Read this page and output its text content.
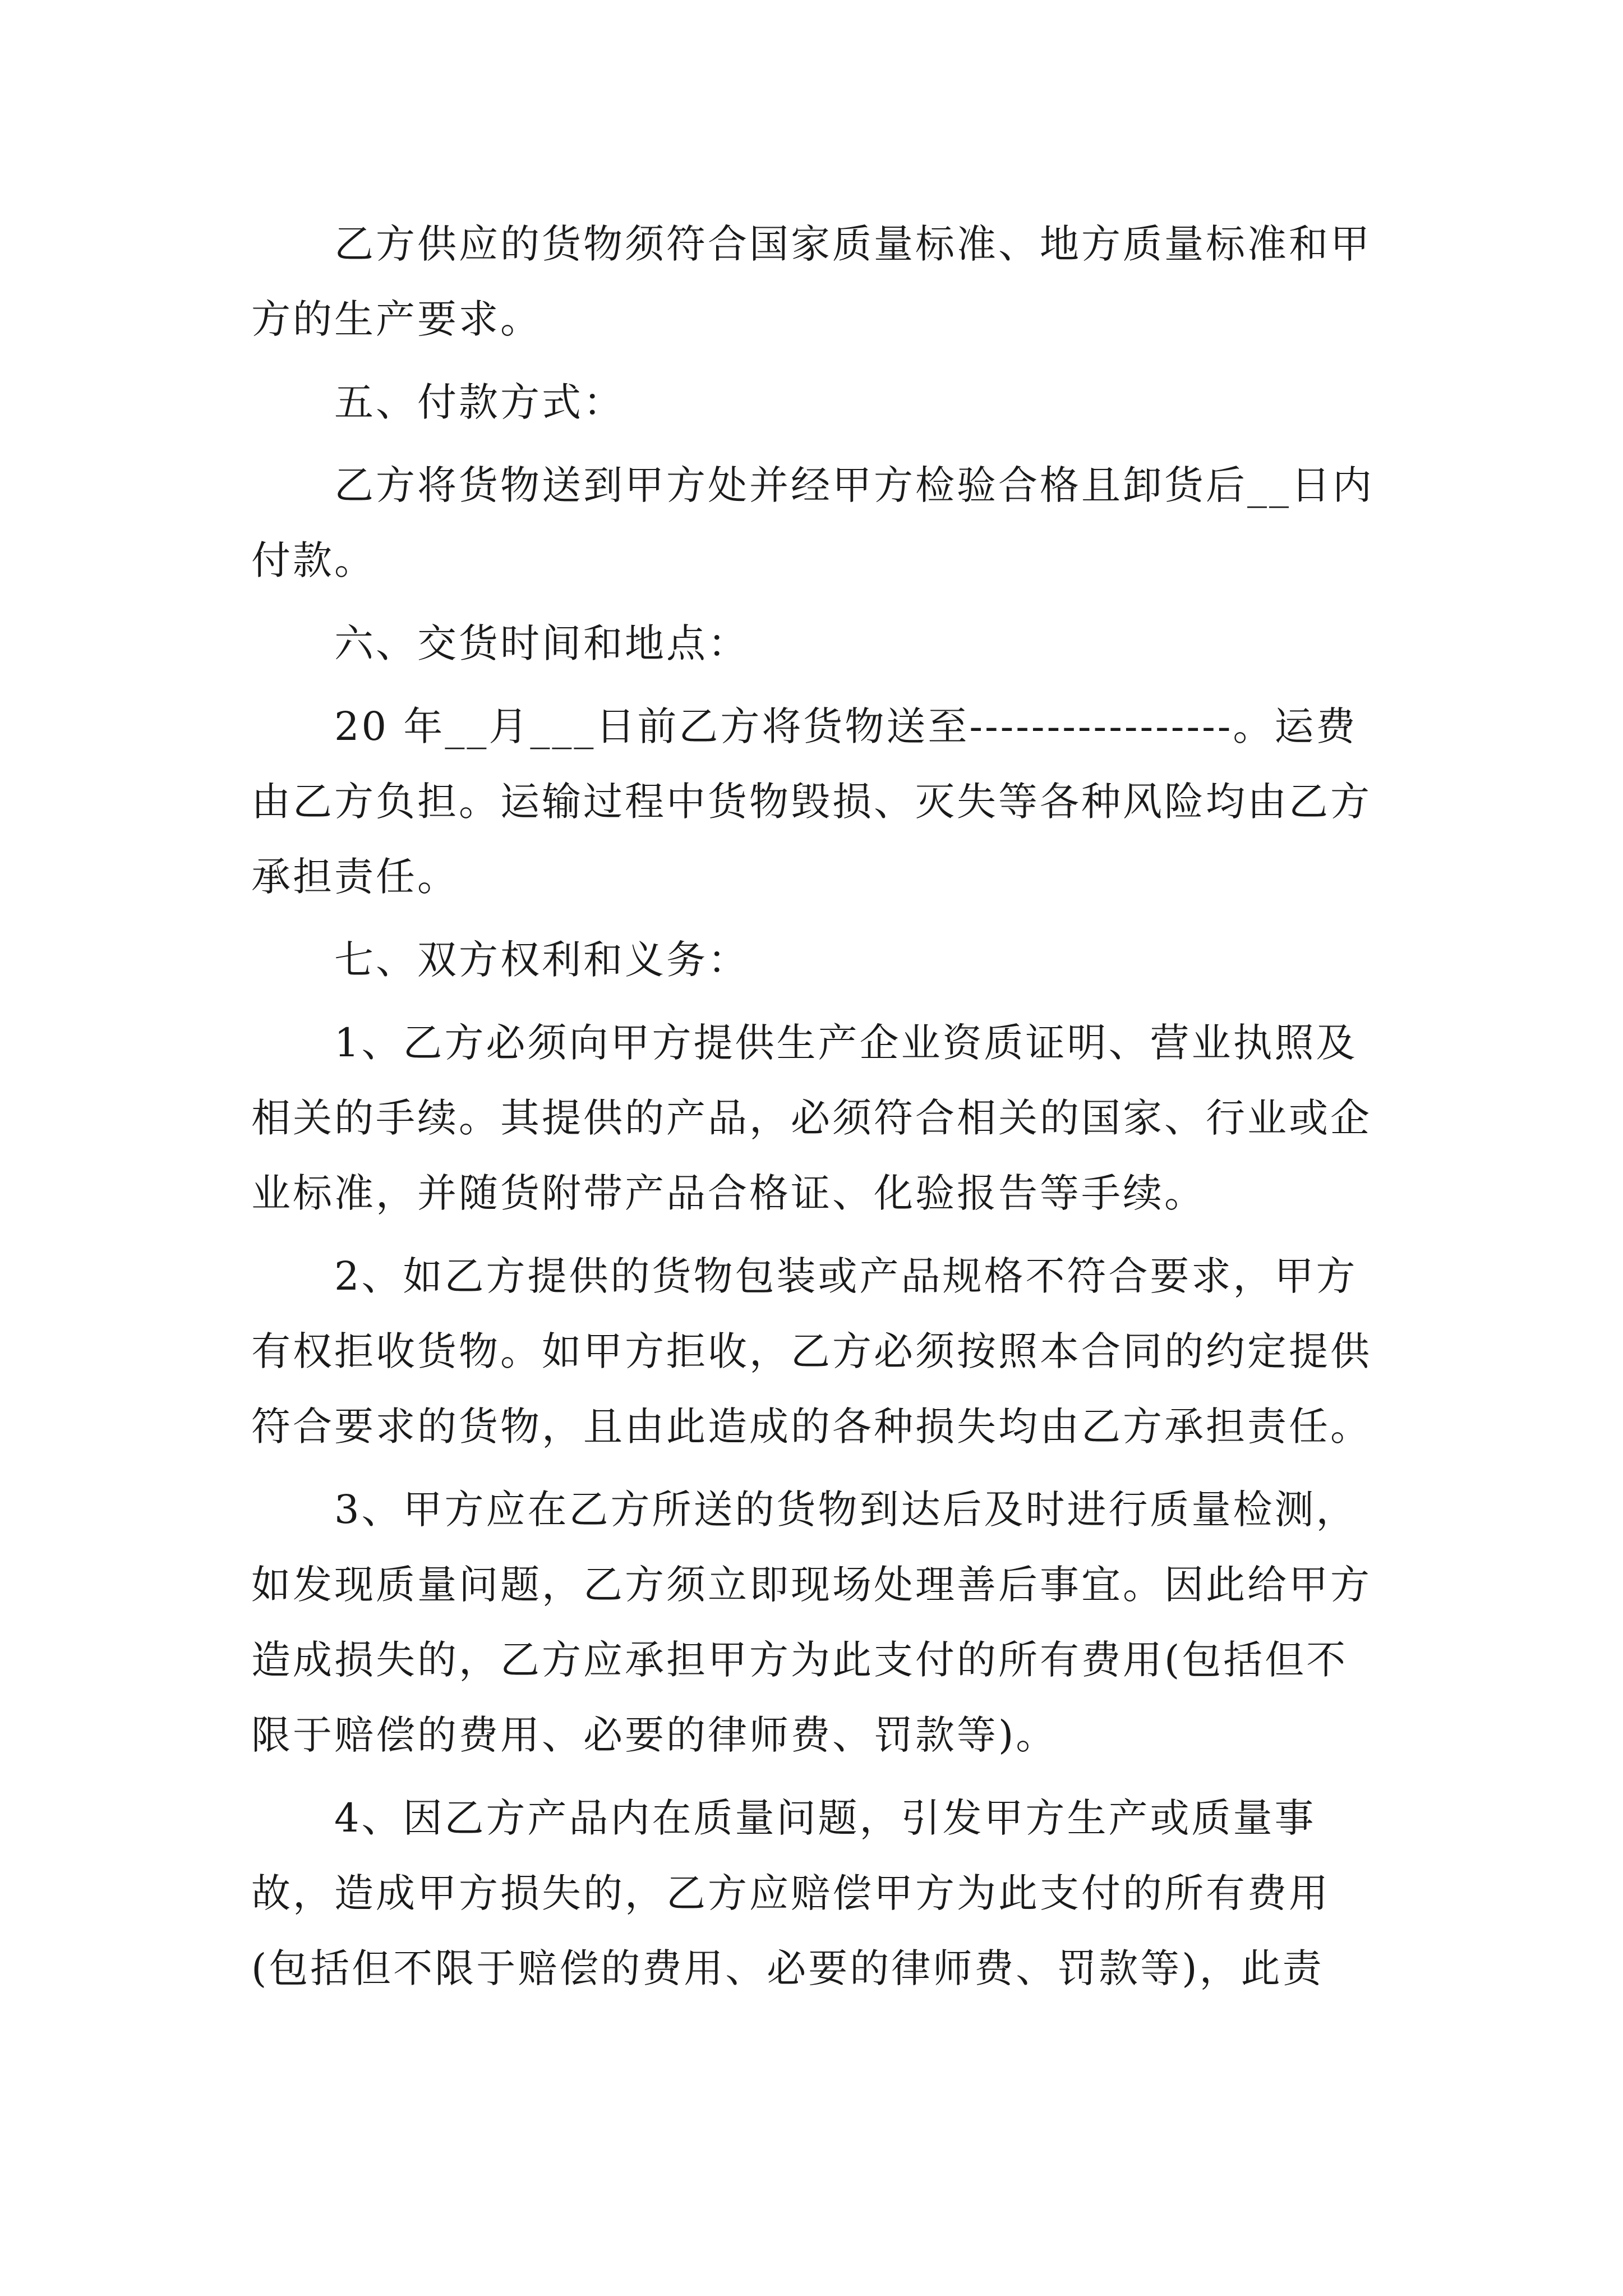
乙方供应的货物须符合国家质量标准、地方质量标准和甲方的生产要求。

五、付款方式：

乙方将货物送到甲方处并经甲方检验合格且卸货后__日内付款。

六、交货时间和地点：

20 年__月___日前乙方将货物送至-----------------。运费由乙方负担。运输过程中货物毁损、灭失等各种风险均由乙方承担责任。

七、双方权利和义务：

1、乙方必须向甲方提供生产企业资质证明、营业执照及相关的手续。其提供的产品，必须符合相关的国家、行业或企业标准，并随货附带产品合格证、化验报告等手续。

2、如乙方提供的货物包装或产品规格不符合要求，甲方有权拒收货物。如甲方拒收，乙方必须按照本合同的约定提供符合要求的货物，且由此造成的各种损失均由乙方承担责任。

3、甲方应在乙方所送的货物到达后及时进行质量检测，如发现质量问题，乙方须立即现场处理善后事宜。因此给甲方造成损失的，乙方应承担甲方为此支付的所有费用(包括但不限于赔偿的费用、必要的律师费、罚款等)。

4、因乙方产品内在质量问题，引发甲方生产或质量事故，造成甲方损失的，乙方应赔偿甲方为此支付的所有费用(包括但不限于赔偿的费用、必要的律师费、罚款等)，此责
